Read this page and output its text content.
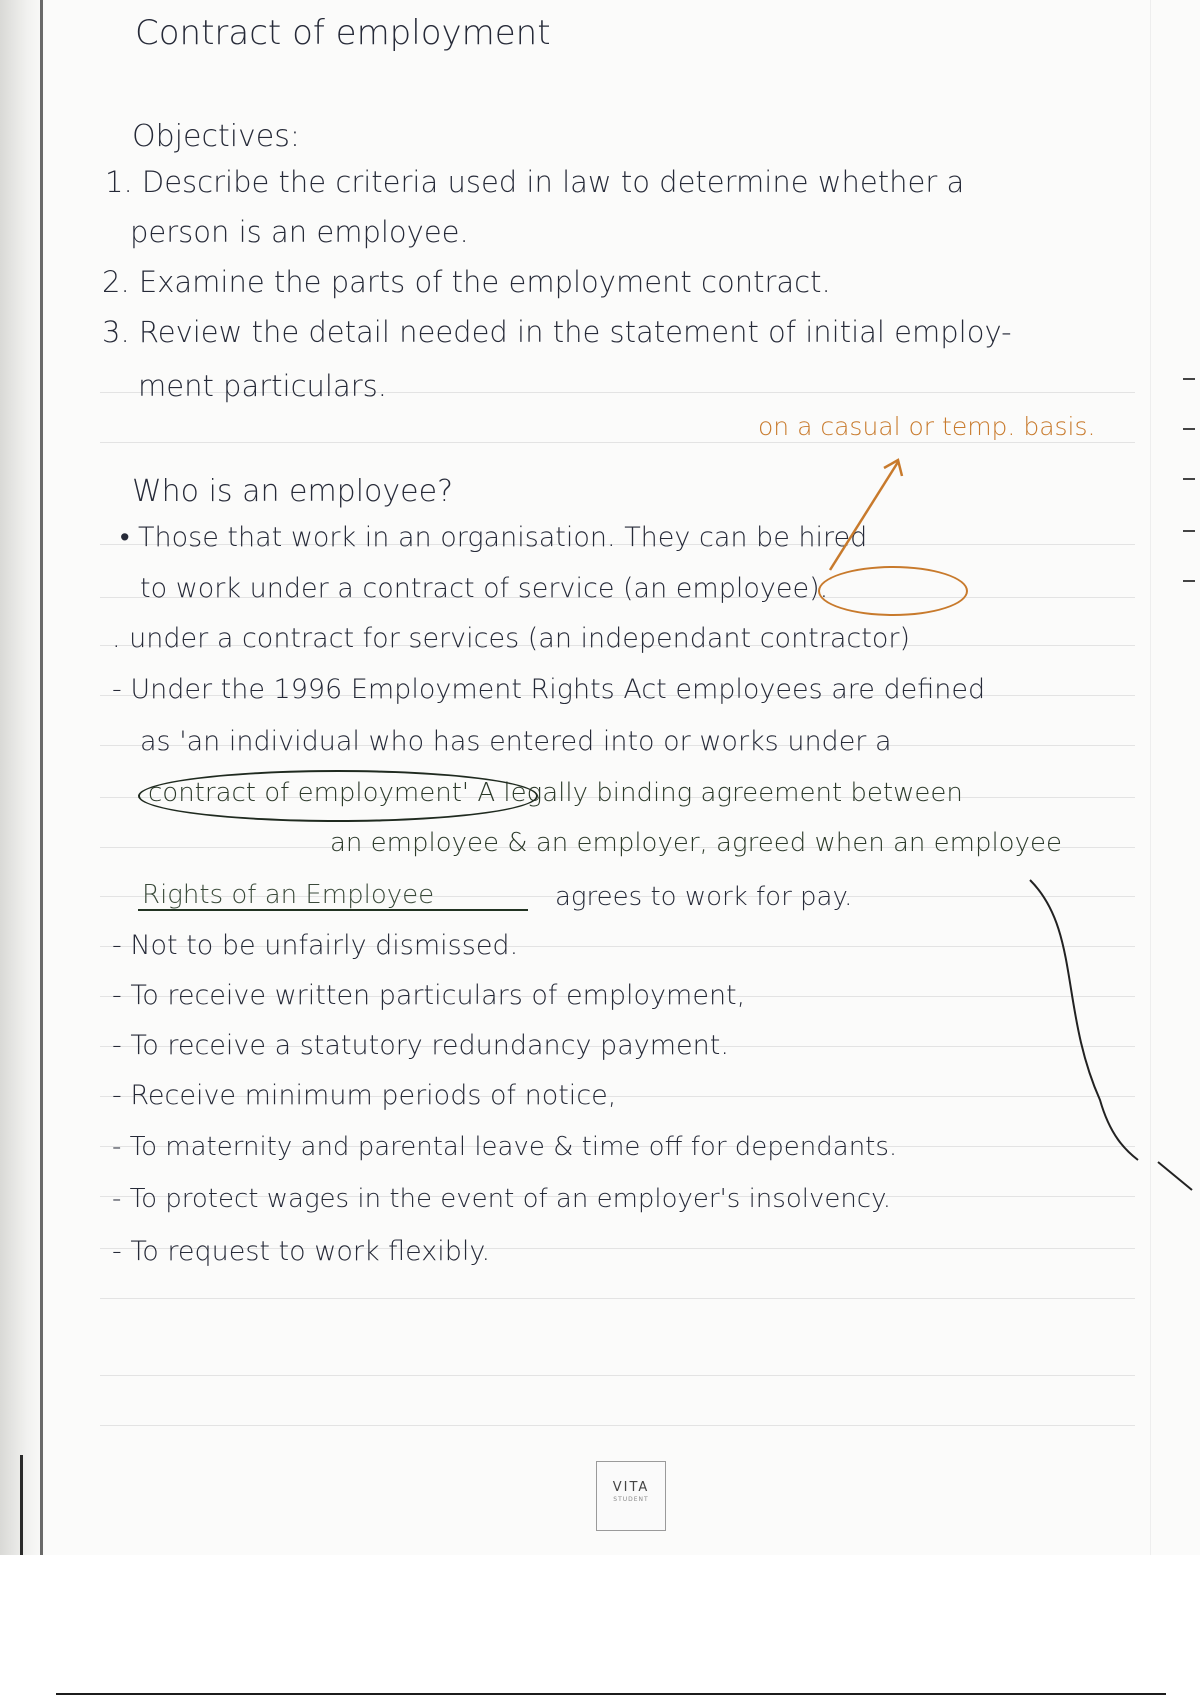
Contract of employment
Objectives:
1. Describe the criteria used in law to determine whether a
person is an employee.
2. Examine the parts of the employment contract.
3. Review the detail needed in the statement of initial employ-
ment particulars.
on a casual or temp. basis.
Who is an employee?
• Those that work in an organisation. They can be hired
to work under a contract of service (an employee).
. under a contract for services (an independant contractor)
- Under the 1996 Employment Rights Act employees are defined
as 'an individual who has entered into or works under a
contract of employment' A legally binding agreement between
an employee & an employer, agreed when an employee
Rights of an Employee	agrees to work for pay.
- Not to be unfairly dismissed.
- To receive written particulars of employment,
- To receive a statutory redundancy payment.
- Receive minimum periods of notice,
- To maternity and parental leave & time off for dependants.
- To protect wages in the event of an employer's insolvency.
- To request to work flexibly.
VITA
STUDENT
